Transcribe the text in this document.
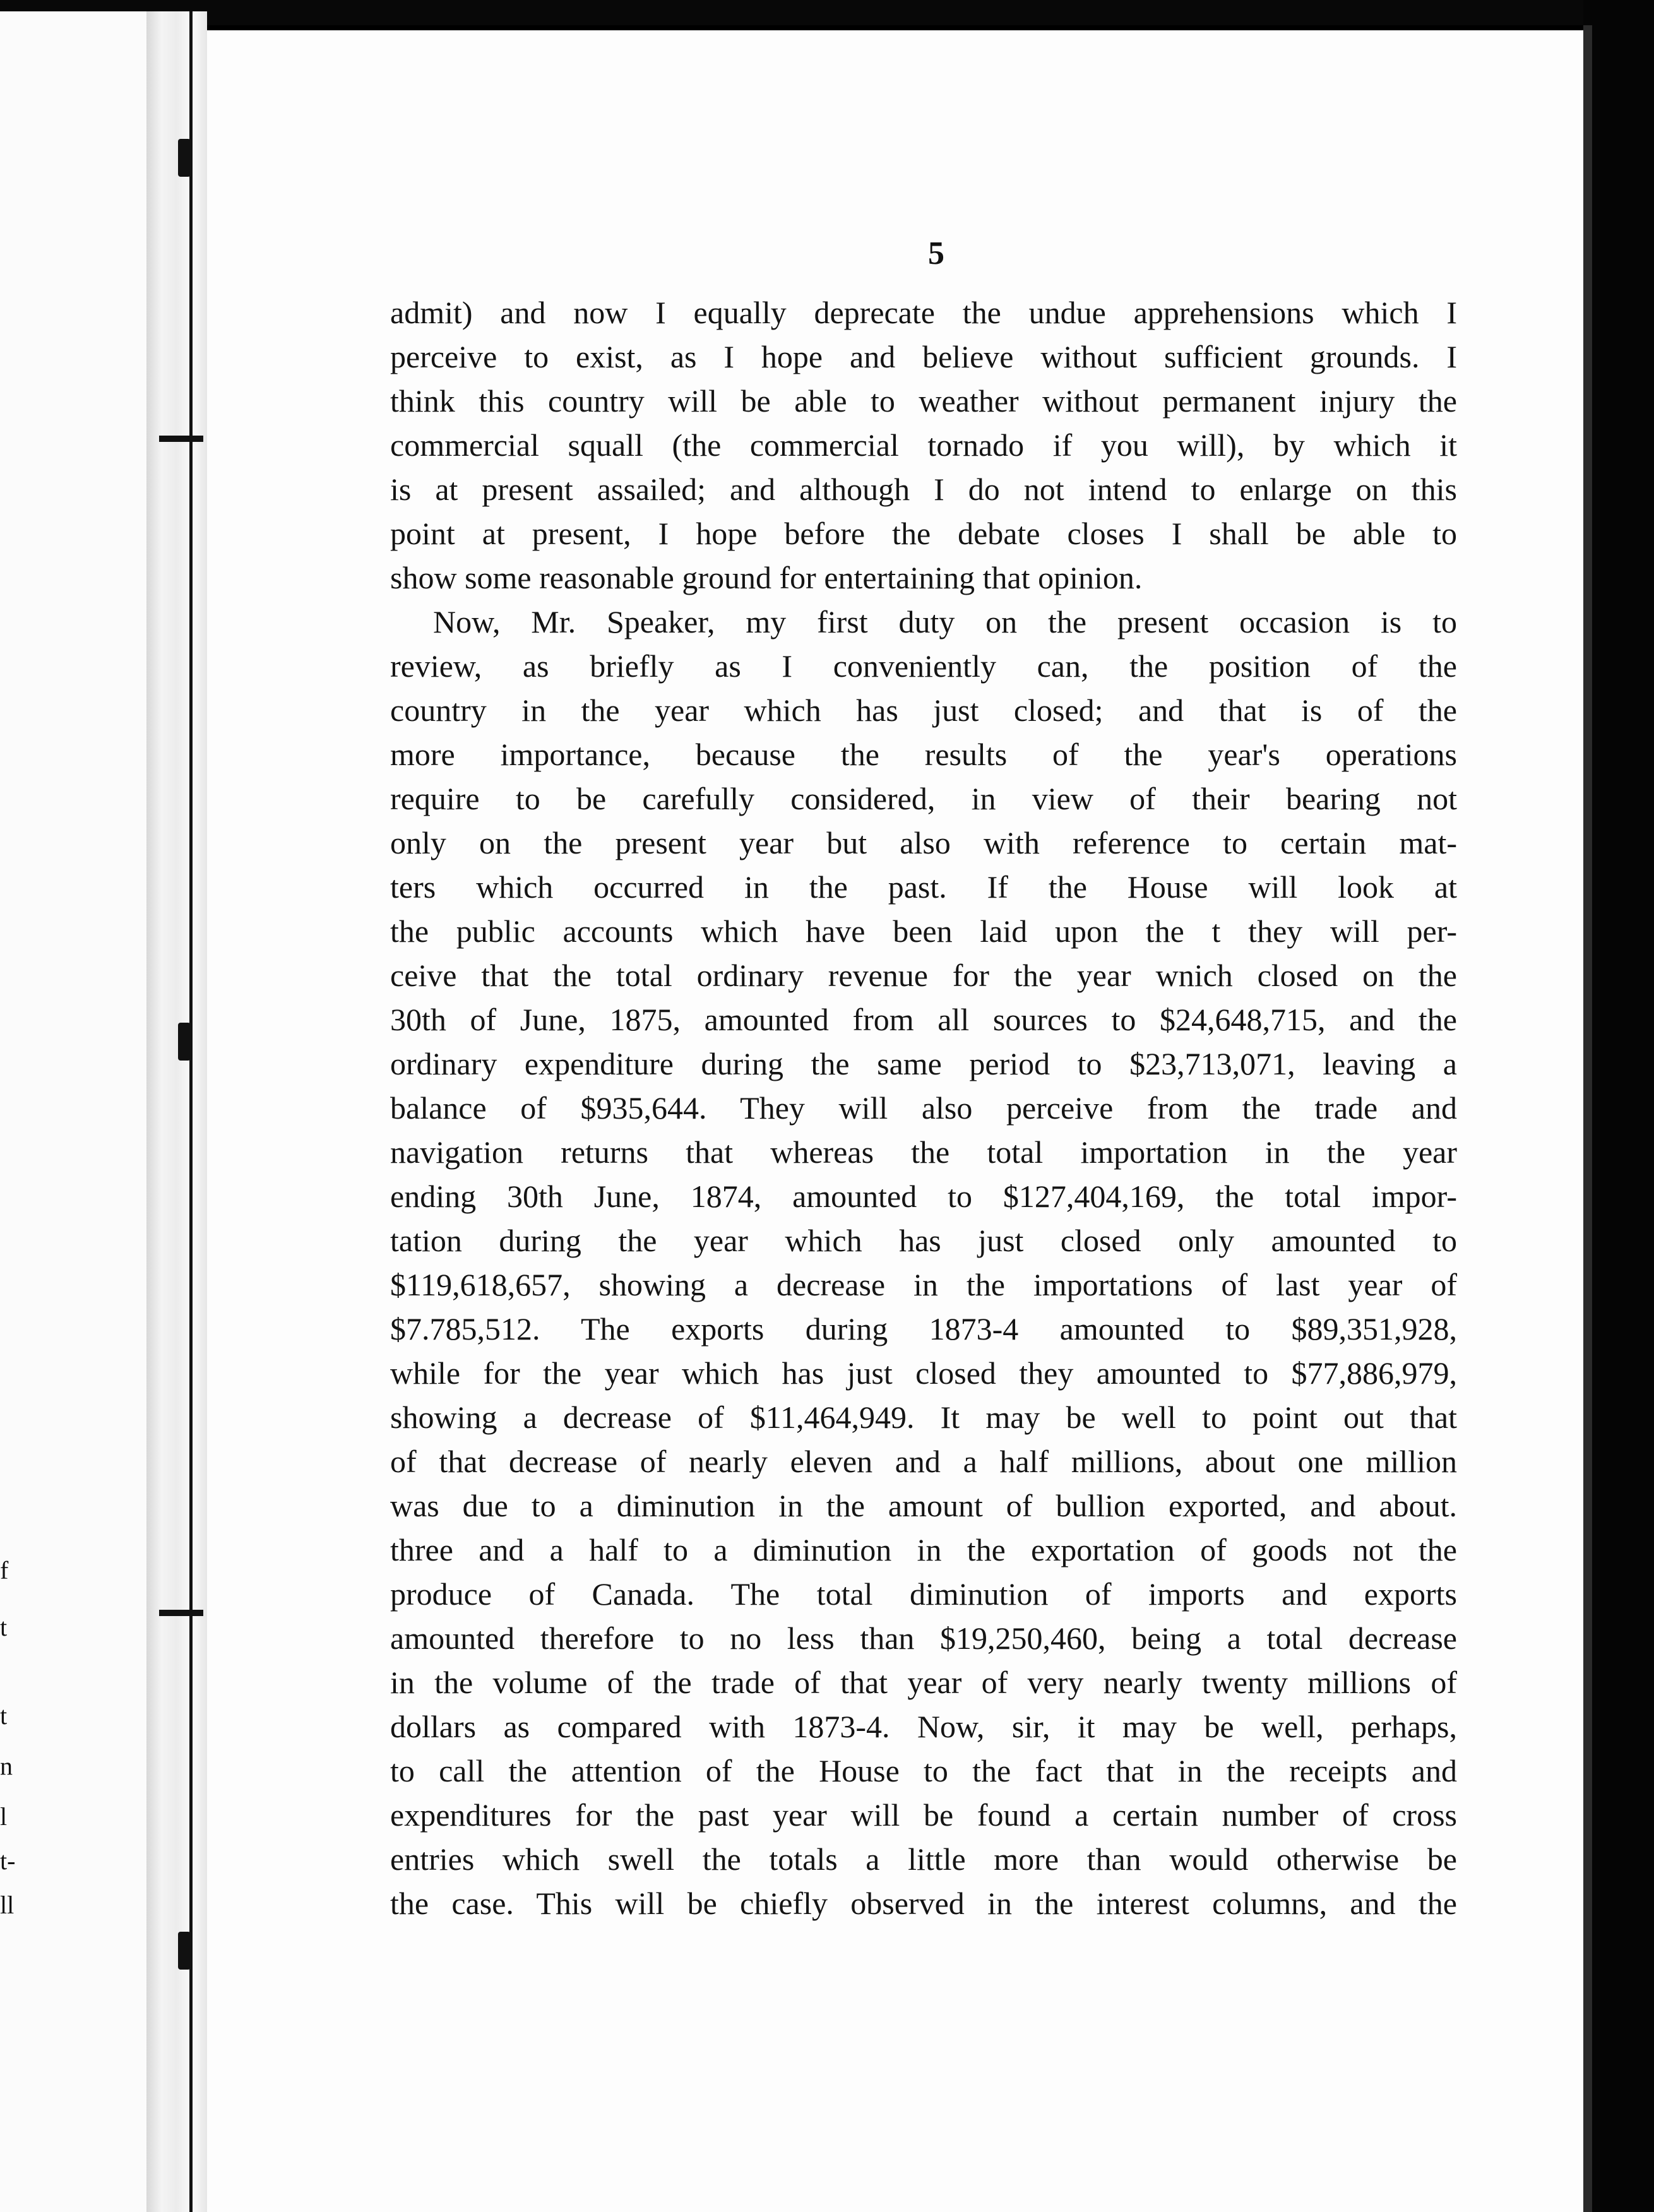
f
t
t
n
l
t-
ll
5
admit) and now I equally deprecate the undue apprehensions which I
perceive to exist, as I hope and believe without sufficient grounds. I
think this country will be able to weather without permanent injury the
commercial squall (the commercial tornado if you will), by which it
is at present assailed; and although I do not intend to enlarge on this
point at present, I hope before the debate closes I shall be able to
show some reasonable ground for entertaining that opinion.
Now, Mr. Speaker, my first duty on the present occasion is to
review, as briefly as I conveniently can, the position of the
country in the year which has just closed; and that is of the
more importance, because the results of the year's operations
require to be carefully considered, in view of their bearing not
only on the present year but also with reference to certain mat-
ters which occurred in the past. If the House will look at
the public accounts which have been laid upon the t they will per-
ceive that the total ordinary revenue for the year wnich closed on the
30th of June, 1875, amounted from all sources to $24,648,715, and the
ordinary expenditure during the same period to $23,713,071, leaving a
balance of $935,644. They will also perceive from the trade and
navigation returns that whereas the total importation in the year
ending 30th June, 1874, amounted to $127,404,169, the total impor-
tation during the year which has just closed only amounted to
$119,618,657, showing a decrease in the importations of last year of
$7.785,512. The exports during 1873-4 amounted to $89,351,928,
while for the year which has just closed they amounted to $77,886,979,
showing a decrease of $11,464,949. It may be well to point out that
of that decrease of nearly eleven and a half millions, about one million
was due to a diminution in the amount of bullion exported, and about.
three and a half to a diminution in the exportation of goods not the
produce of Canada. The total diminution of imports and exports
amounted therefore to no less than $19,250,460, being a total decrease
in the volume of the trade of that year of very nearly twenty millions of
dollars as compared with 1873-4. Now, sir, it may be well, perhaps,
to call the attention of the House to the fact that in the receipts and
expenditures for the past year will be found a certain number of cross
entries which swell the totals a little more than would otherwise be
the case. This will be chiefly observed in the interest columns, and the
